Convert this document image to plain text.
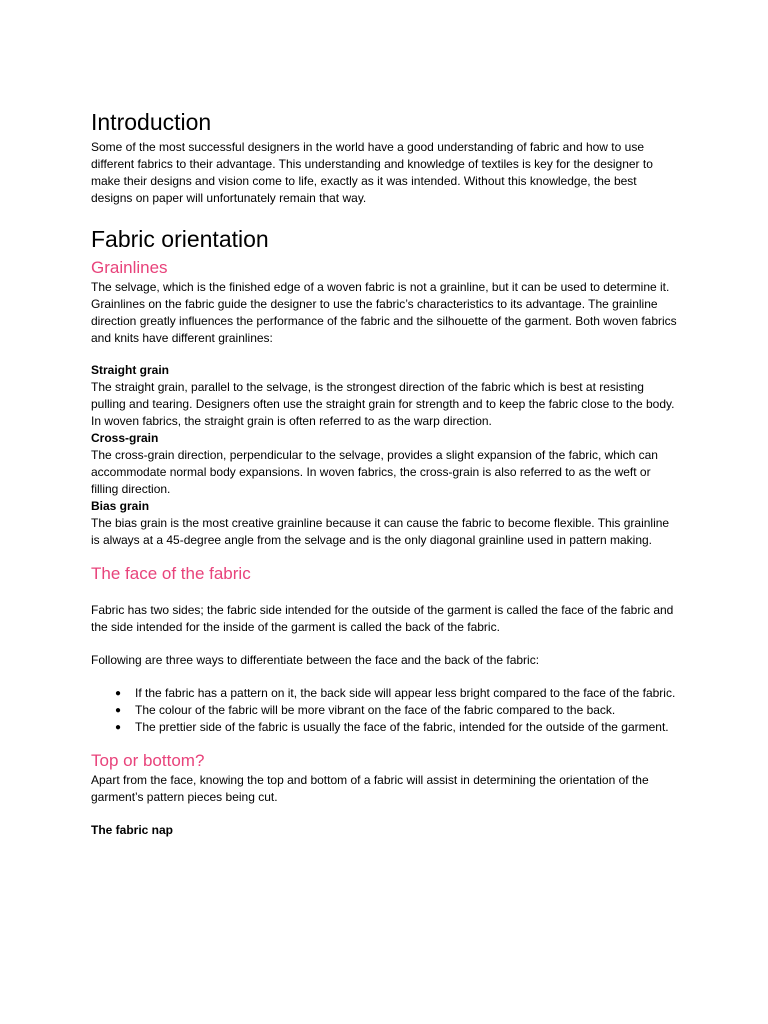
Introduction

Some of the most successful designers in the world have a good understanding of fabric and how to use different fabrics to their advantage. This understanding and knowledge of textiles is key for the designer to make their designs and vision come to life, exactly as it was intended. Without this knowledge, the best designs on paper will unfortunately remain that way.

Fabric orientation
Grainlines

The selvage, which is the finished edge of a woven fabric is not a grainline, but it can be used to determine it. Grainlines on the fabric guide the designer to use the fabric’s characteristics to its advantage. The grainline direction greatly influences the performance of the fabric and the silhouette of the garment. Both woven fabrics and knits have different grainlines:

Straight grain

The straight grain, parallel to the selvage, is the strongest direction of the fabric which is best at resisting pulling and tearing. Designers often use the straight grain for strength and to keep the fabric close to the body. In woven fabrics, the straight grain is often referred to as the warp direction.

Cross-grain

The cross-grain direction, perpendicular to the selvage, provides a slight expansion of the fabric, which can accommodate normal body expansions. In woven fabrics, the cross-grain is also referred to as the weft or filling direction.

Bias grain

The bias grain is the most creative grainline because it can cause the fabric to become flexible. This grainline is always at a 45-degree angle from the selvage and is the only diagonal grainline used in pattern making.

The face of the fabric

Fabric has two sides; the fabric side intended for the outside of the garment is called the face of the fabric and the side intended for the inside of the garment is called the back of the fabric.

Following are three ways to differentiate between the face and the back of the fabric:

● If the fabric has a pattern on it, the back side will appear less bright compared to the face of the fabric.
● The colour of the fabric will be more vibrant on the face of the fabric compared to the back.
● The prettier side of the fabric is usually the face of the fabric, intended for the outside of the garment.
Top or bottom?

Apart from the face, knowing the top and bottom of a fabric will assist in determining the orientation of the garment’s pattern pieces being cut.

The fabric nap
